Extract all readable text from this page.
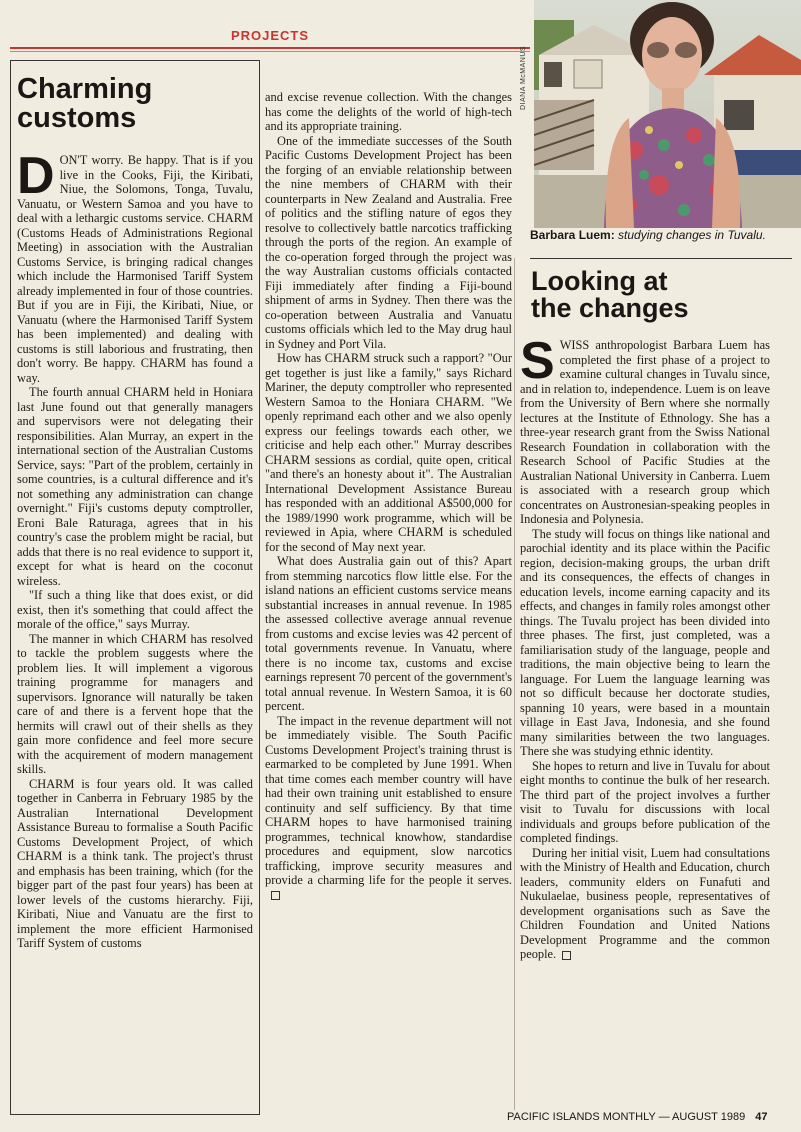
PROJECTS
Charming
customs

DON'T worry. Be happy. That is if you live in the Cooks, Fiji, the Kiribati, Niue, the Solomons, Tonga, Tuvalu, Vanuatu, or Western Samoa and you have to deal with a lethargic customs service. CHARM (Customs Heads of Administrations Regional Meeting) in association with the Australian Customs Service, is bringing radical changes which include the Harmonised Tariff System already implemented in four of those countries. But if you are in Fiji, the Kiribati, Niue, or Vanuatu (where the Harmonised Tariff System has been implemented) and dealing with customs is still laborious and frustrating, then don't worry. Be happy. CHARM has found a way.

The fourth annual CHARM held in Honiara last June found out that generally managers and supervisors were not delegating their responsibilities. Alan Murray, an expert in the international section of the Australian Customs Service, says: "Part of the problem, certainly in some countries, is a cultural difference and it's not something any administration can change overnight." Fiji's customs deputy comptroller, Eroni Bale Raturaga, agrees that in his country's case the problem might be racial, but adds that there is no real evidence to support it, except for what is heard on the coconut wireless.

"If such a thing like that does exist, or did exist, then it's something that could affect the morale of the office," says Murray.

The manner in which CHARM has resolved to tackle the problem suggests where the problem lies. It will implement a vigorous training programme for managers and supervisors. Ignorance will naturally be taken care of and there is a fervent hope that the hermits will crawl out of their shells as they gain more confidence and feel more secure with the acquirement of modern management skills.

CHARM is four years old. It was called together in Canberra in February 1985 by the Australian International Development Assistance Bureau to formalise a South Pacific Customs Development Project, of which CHARM is a think tank. The project's thrust and emphasis has been training, which (for the bigger part of the past four years) has been at lower levels of the customs hierarchy. Fiji, Kiribati, Niue and Vanuatu are the first to implement the more efficient Harmonised Tariff System of customs

and excise revenue collection. With the changes has come the delights of the world of high-tech and its appropriate training.

One of the immediate successes of the South Pacific Customs Development Project has been the forging of an enviable relationship between the nine members of CHARM with their counterparts in New Zealand and Australia. Free of politics and the stifling nature of egos they resolve to collectively battle narcotics trafficking through the ports of the region. An example of the co-operation forged through the project was the way Australian customs officials contacted Fiji immediately after finding a Fiji-bound shipment of arms in Sydney. Then there was the co-operation between Australia and Vanuatu customs officials which led to the May drug haul in Sydney and Port Vila.

How has CHARM struck such a rapport? "Our get together is just like a family," says Richard Mariner, the deputy comptroller who represented Western Samoa to the Honiara CHARM. "We openly reprimand each other and we also openly express our feelings towards each other, we criticise and help each other." Murray describes CHARM sessions as cordial, quite open, critical "and there's an honesty about it". The Australian International Development Assistance Bureau has responded with an additional A$500,000 for the 1989/1990 work programme, which will be reviewed in Apia, where CHARM is scheduled for the second of May next year.

What does Australia gain out of this? Apart from stemming narcotics flow little else. For the island nations an efficient customs service means substantial increases in annual revenue. In 1985 the assessed collective average annual revenue from customs and excise levies was 42 percent of total governments revenue. In Vanuatu, where there is no income tax, customs and excise earnings represent 70 percent of the government's total annual revenue. In Western Samoa, it is 60 percent.

The impact in the revenue department will not be immediately visible. The South Pacific Customs Development Project's training thrust is earmarked to be completed by June 1991. When that time comes each member country will have had their own training unit established to ensure continuity and self sufficiency. By that time CHARM hopes to have harmonised training programmes, technical knowhow, standardise procedures and equipment, slow narcotics trafficking, improve security measures and provide a charming life for the people it serves.

DIANA McMANUS
Barbara Luem: studying changes in Tuvalu.
Looking at
the changes

SWISS anthropologist Barbara Luem has completed the first phase of a project to examine cultural changes in Tuvalu since, and in relation to, independence. Luem is on leave from the University of Bern where she normally lectures at the Institute of Ethnology. She has a three-year research grant from the Swiss National Research Foundation in collaboration with the Research School of Pacific Studies at the Australian National University in Canberra. Luem is associated with a research group which concentrates on Austronesian-speaking peoples in Indonesia and Polynesia.

The study will focus on things like national and parochial identity and its place within the Pacific region, decision-making groups, the urban drift and its consequences, the effects of changes in education levels, income earning capacity and its effects, and changes in family roles amongst other things. The Tuvalu project has been divided into three phases. The first, just completed, was a familiarisation study of the language, people and traditions, the main objective being to learn the language. For Luem the language learning was not so difficult because her doctorate studies, spanning 10 years, were based in a mountain village in East Java, Indonesia, and she found many similarities between the two languages. There she was studying ethnic identity.

She hopes to return and live in Tuvalu for about eight months to continue the bulk of her research. The third part of the project involves a further visit to Tuvalu for discussions with local individuals and groups before publication of the completed findings.

During her initial visit, Luem had consultations with the Ministry of Health and Education, church leaders, community elders on Funafuti and Nukulaelae, business people, representatives of development organisations such as Save the Children Foundation and United Nations Development Programme and the common people.

PACIFIC ISLANDS MONTHLY — AUGUST 1989 47
